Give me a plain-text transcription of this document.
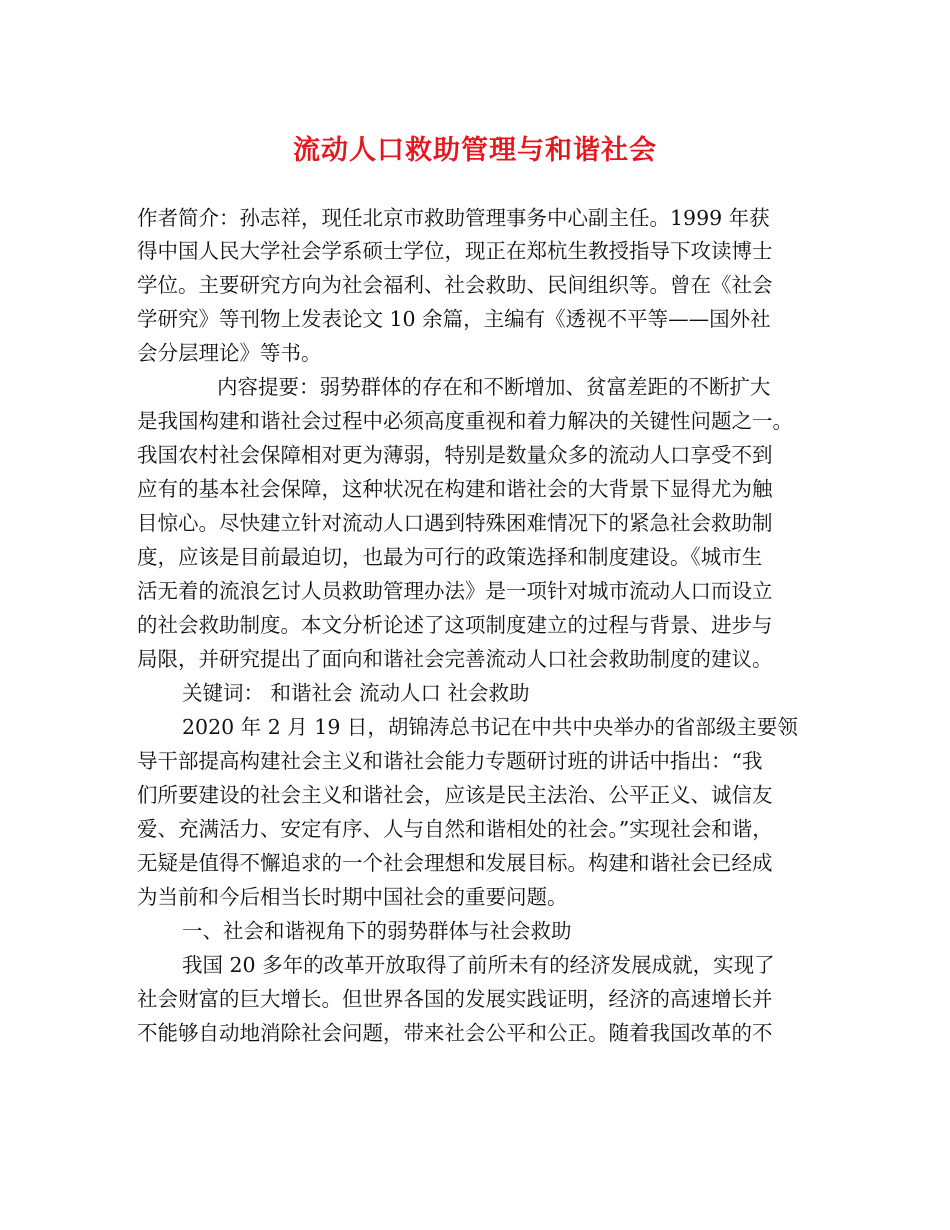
流动人口救助管理与和谐社会
作者简介：孙志祥，现任北京市救助管理事务中心副主任。1999 年获
得中国人民大学社会学系硕士学位，现正在郑杭生教授指导下攻读博士
学位。主要研究方向为社会福利、社会救助、民间组织等。曾在《社会
学研究》等刊物上发表论文 10 余篇，主编有《透视不平等——国外社
会分层理论》等书。
内容提要：弱势群体的存在和不断增加、贫富差距的不断扩大
是我国构建和谐社会过程中必须高度重视和着力解决的关键性问题之一。
我国农村社会保障相对更为薄弱，特别是数量众多的流动人口享受不到
应有的基本社会保障，这种状况在构建和谐社会的大背景下显得尤为触
目惊心。尽快建立针对流动人口遇到特殊困难情况下的紧急社会救助制
度，应该是目前最迫切，也最为可行的政策选择和制度建设。《城市生
活无着的流浪乞讨人员救助管理办法》是一项针对城市流动人口而设立
的社会救助制度。本文分析论述了这项制度建立的过程与背景、进步与
局限，并研究提出了面向和谐社会完善流动人口社会救助制度的建议。
关键词： 和谐社会 流动人口 社会救助
2020 年 2 月 19 日，胡锦涛总书记在中共中央举办的省部级主要领
导干部提高构建社会主义和谐社会能力专题研讨班的讲话中指出：“我
们所要建设的社会主义和谐社会，应该是民主法治、公平正义、诚信友
爱、充满活力、安定有序、人与自然和谐相处的社会。”实现社会和谐，
无疑是值得不懈追求的一个社会理想和发展目标。构建和谐社会已经成
为当前和今后相当长时期中国社会的重要问题。
一、社会和谐视角下的弱势群体与社会救助
我国 20 多年的改革开放取得了前所未有的经济发展成就，实现了
社会财富的巨大增长。但世界各国的发展实践证明，经济的高速增长并
不能够自动地消除社会问题，带来社会公平和公正。随着我国改革的不
